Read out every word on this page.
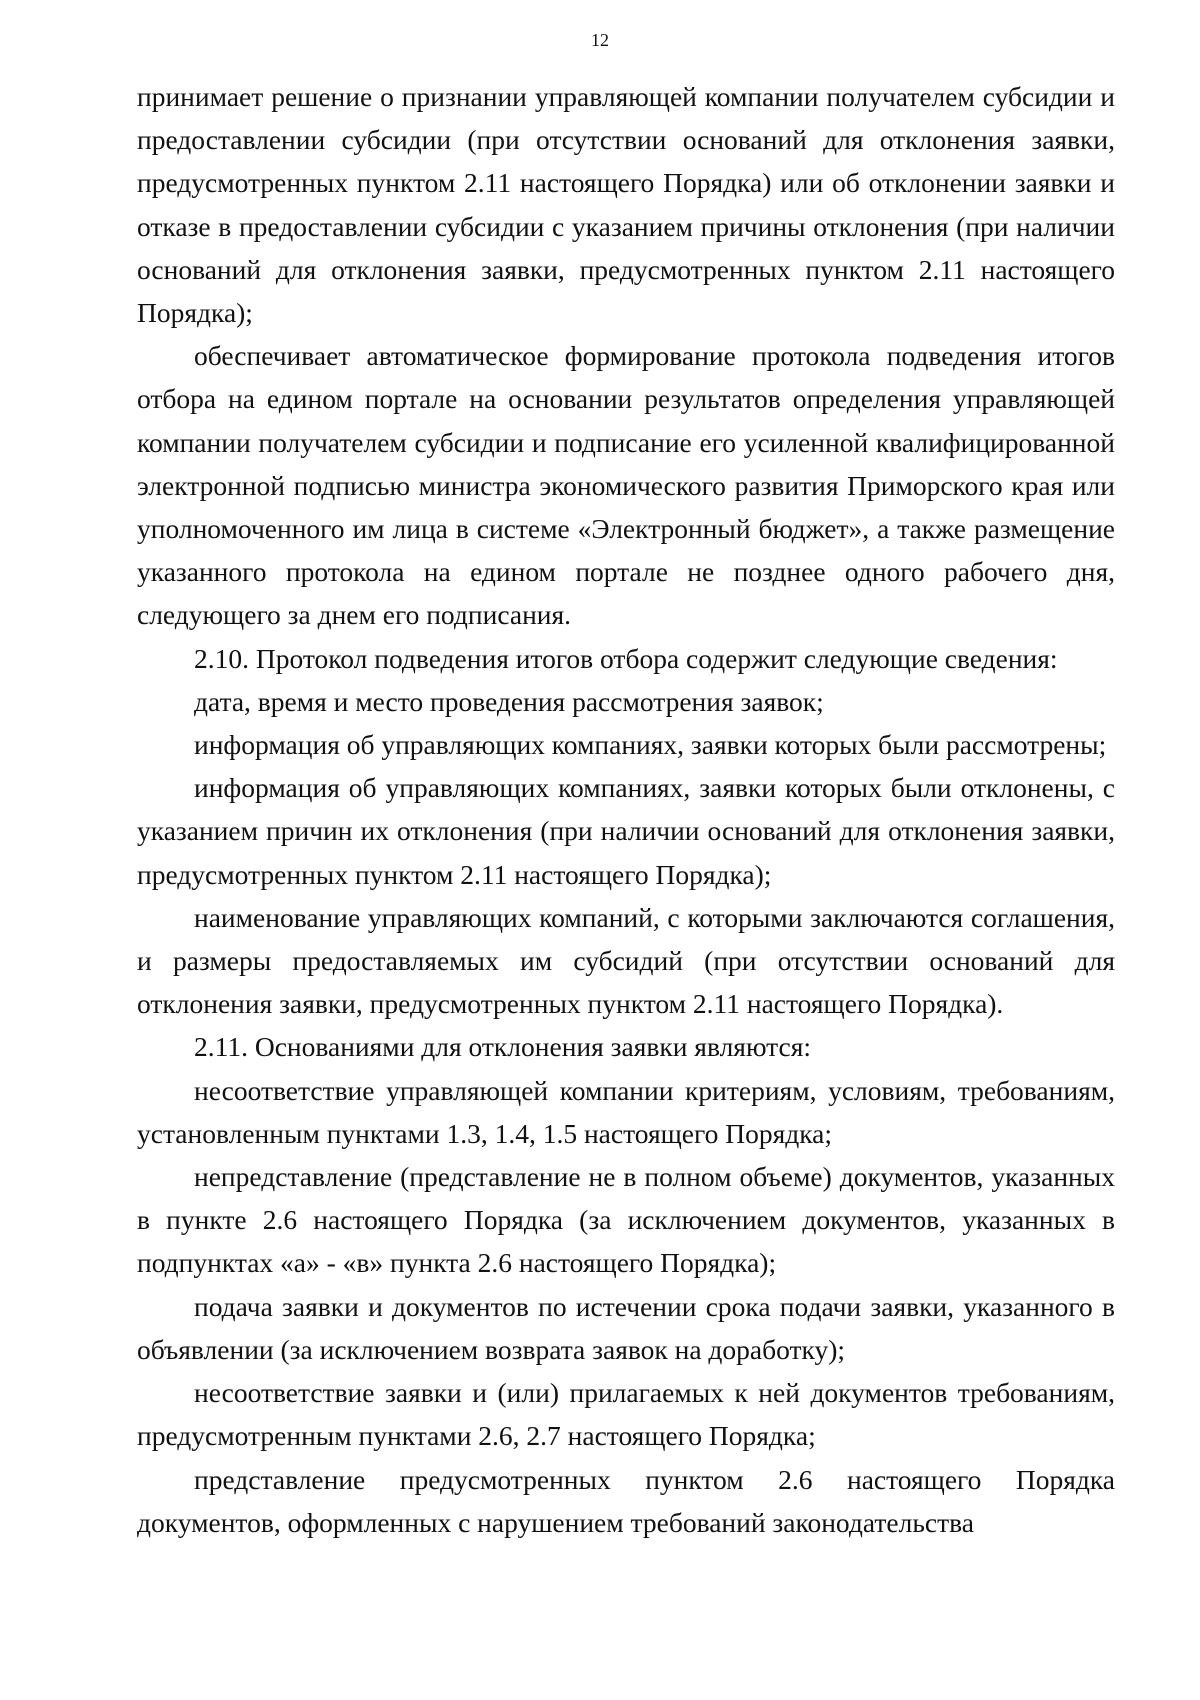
12

принимает решение о признании управляющей компании получателем субсидии и предоставлении субсидии (при отсутствии оснований для отклонения заявки, предусмотренных пунктом 2.11 настоящего Порядка) или об отклонении заявки и отказе в предоставлении субсидии с указанием причины отклонения (при наличии оснований для отклонения заявки, предусмотренных пунктом 2.11 настоящего Порядка);

обеспечивает автоматическое формирование протокола подведения итогов отбора на едином портале на основании результатов определения управляющей компании получателем субсидии и подписание его усиленной квалифицированной электронной подписью министра экономического развития Приморского края или уполномоченного им лица в системе «Электронный бюджет», а также размещение указанного протокола на едином портале не позднее одного рабочего дня, следующего за днем его подписания.

2.10. Протокол подведения итогов отбора содержит следующие сведения:

дата, время и место проведения рассмотрения заявок;

информация об управляющих компаниях, заявки которых были рассмотрены;

информация об управляющих компаниях, заявки которых были отклонены, с указанием причин их отклонения (при наличии оснований для отклонения заявки, предусмотренных пунктом 2.11 настоящего Порядка);

наименование управляющих компаний, с которыми заключаются соглашения, и размеры предоставляемых им субсидий (при отсутствии оснований для отклонения заявки, предусмотренных пунктом 2.11 настоящего Порядка).

2.11. Основаниями для отклонения заявки являются:

несоответствие управляющей компании критериям, условиям, требованиям, установленным пунктами 1.3, 1.4, 1.5 настоящего Порядка;

непредставление (представление не в полном объеме) документов, указанных в пункте 2.6 настоящего Порядка (за исключением документов, указанных в подпунктах «а» - «в» пункта 2.6 настоящего Порядка);

подача заявки и документов по истечении срока подачи заявки, указанного в объявлении (за исключением возврата заявок на доработку);

несоответствие заявки и (или) прилагаемых к ней документов требованиям, предусмотренным пунктами 2.6, 2.7 настоящего Порядка;

представление предусмотренных пунктом 2.6 настоящего Порядка документов, оформленных с нарушением требований законодательства
